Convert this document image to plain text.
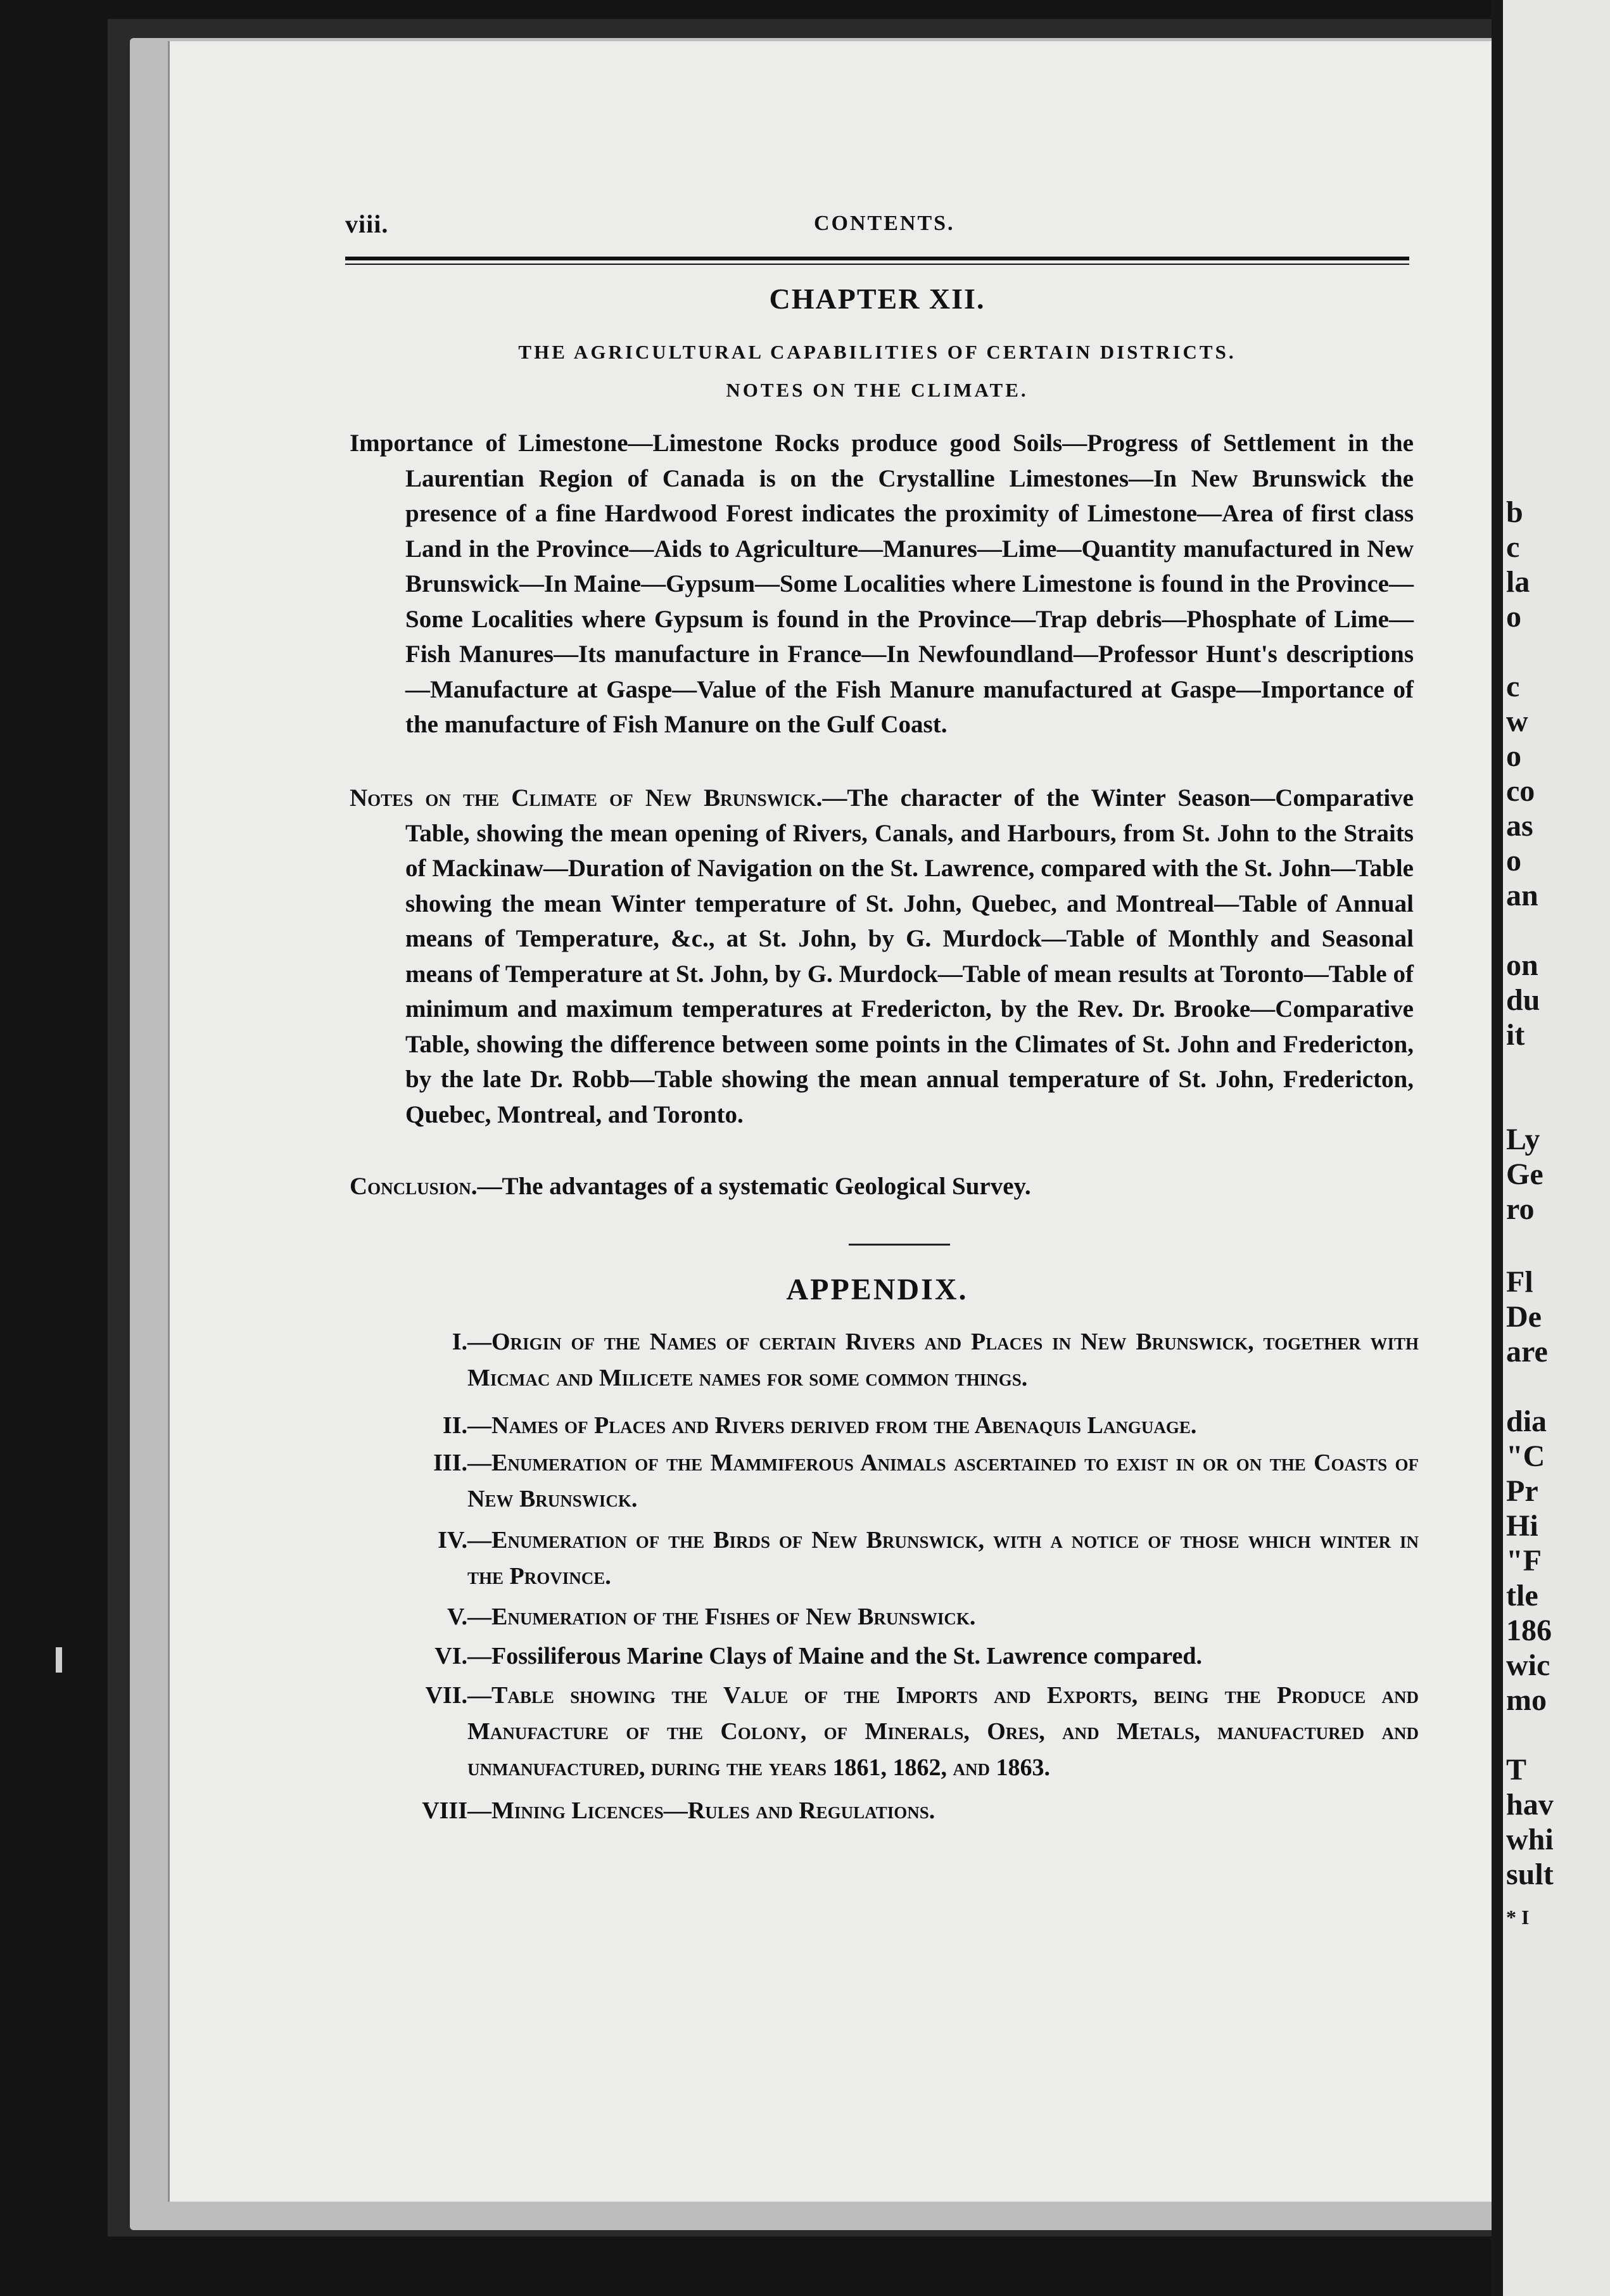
b
c
la
o
c
w
o
co
as
o
an
on
du
it
Ly
Ge
ro
Fl
De
are
dia
"C
Pr
Hi
"F
tle
186
wic
mo
T
hav
whi
sult
* I
viii.	CONTENTS.
CHAPTER XII.
THE AGRICULTURAL CAPABILITIES OF CERTAIN DISTRICTS.
NOTES ON THE CLIMATE.
Importance of Limestone—Limestone Rocks produce good Soils—Progress of Settlement in the Laurentian Region of Canada is on the Crystalline Limestones—In New Brunswick the presence of a fine Hardwood Forest indicates the proximity of Limestone—Area of first class Land in the Province—Aids to Agriculture—Manures—Lime—Quantity manufactured in New Brunswick—In Maine—Gypsum—Some Localities where Limestone is found in the Province—Some Localities where Gypsum is found in the Province—Trap debris—Phosphate of Lime—Fish Manures—Its manufacture in France—In Newfoundland—Professor Hunt's descriptions—Manufacture at Gaspe—Value of the Fish Manure manufactured at Gaspe—Importance of the manufacture of Fish Manure on the Gulf Coast.
Notes on the Climate of New Brunswick.—The character of the Winter Season—Comparative Table, showing the mean opening of Rivers, Canals, and Harbours, from St. John to the Straits of Mackinaw—Duration of Navigation on the St. Lawrence, compared with the St. John—Table showing the mean Winter temperature of St. John, Quebec, and Montreal—Table of Annual means of Temperature, &c., at St. John, by G. Murdock—Table of Monthly and Seasonal means of Temperature at St. John, by G. Murdock—Table of mean results at Toronto—Table of minimum and maximum temperatures at Fredericton, by the Rev. Dr. Brooke—Comparative Table, showing the difference between some points in the Climates of St. John and Fredericton, by the late Dr. Robb—Table showing the mean annual temperature of St. John, Fredericton, Quebec, Montreal, and Toronto.
Conclusion.—The advantages of a systematic Geological Survey.
APPENDIX.
I. —Origin of the Names of certain Rivers and Places in New Brunswick, together with Micmac and Milicete names for some common things.
II. —Names of Places and Rivers derived from the Abenaquis Language.
III. —Enumeration of the Mammiferous Animals ascertained to exist in or on the Coasts of New Brunswick.
IV. —Enumeration of the Birds of New Brunswick, with a notice of those which winter in the Province.
V. —Enumeration of the Fishes of New Brunswick.
VI. —Fossiliferous Marine Clays of Maine and the St. Lawrence compared.
VII. —Table showing the Value of the Imports and Exports, being the Produce and Manufacture of the Colony, of Minerals, Ores, and Metals, manufactured and unmanufactured, during the years 1861, 1862, and 1863.
VIII —Mining Licences—Rules and Regulations.
